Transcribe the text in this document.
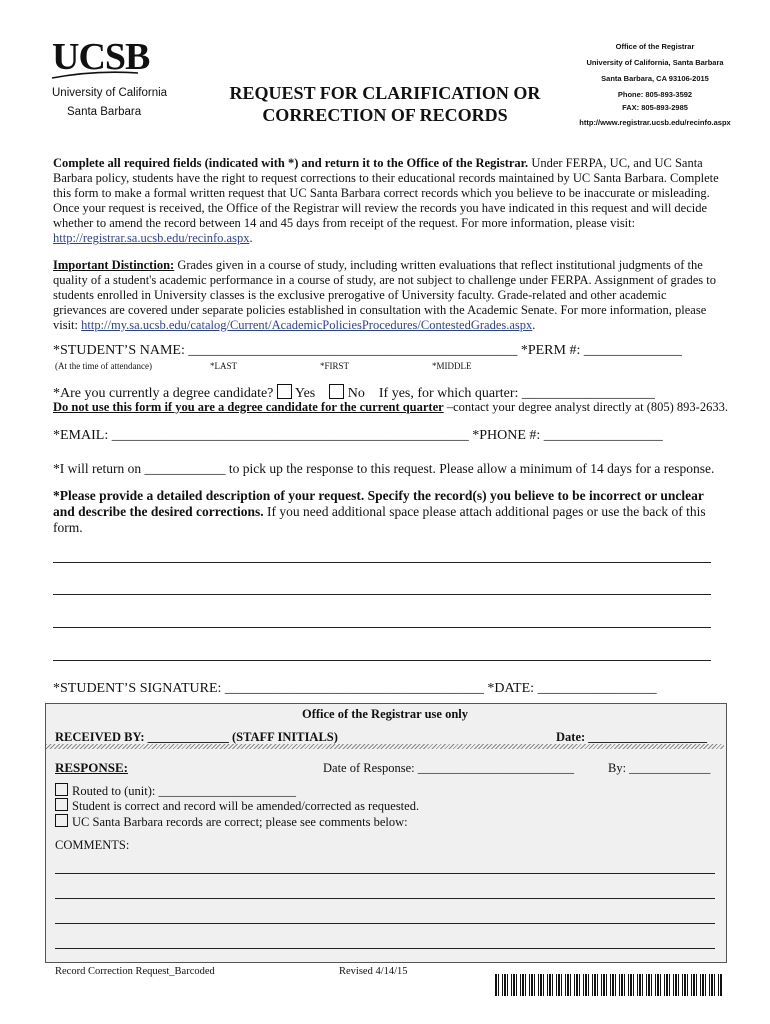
UCSB
University of California
Santa Barbara
REQUEST FOR CLARIFICATION OR
CORRECTION OF RECORDS
Office of the Registrar
University of California, Santa Barbara
Santa Barbara, CA 93106-2015
Phone: 805-893-3592
FAX: 805-893-2985
http://www.registrar.ucsb.edu/recinfo.aspx
Complete all required fields (indicated with *) and return it to the Office of the Registrar. Under FERPA, UC, and UC Santa Barbara policy, students have the right to request corrections to their educational records maintained by UC Santa Barbara. Complete this form to make a formal written request that UC Santa Barbara correct records which you believe to be inaccurate or misleading. Once your request is received, the Office of the Registrar will review the records you have indicated in this request and will decide whether to amend the record between 14 and 45 days from receipt of the request. For more information, please visit: http://registrar.sa.ucsb.edu/recinfo.aspx.
Important Distinction: Grades given in a course of study, including written evaluations that reflect institutional judgments of the quality of a student's academic performance in a course of study, are not subject to challenge under FERPA. Assignment of grades to students enrolled in University classes is the exclusive prerogative of University faculty. Grade-related and other academic grievances are covered under separate policies established in consultation with the Academic Senate. For more information, please visit: http://my.sa.ucsb.edu/catalog/Current/AcademicPoliciesProcedures/ContestedGrades.aspx.
*STUDENT’S NAME: _______________________________________________ *PERM #: ______________
(At the time of attendance)	*LAST	*FIRST	*MIDDLE
*Are you currently a degree candidate? Yes No If yes, for which quarter: ___________________
Do not use this form if you are a degree candidate for the current quarter –contact your degree analyst directly at (805) 893-2633.
*EMAIL: ___________________________________________________ *PHONE #: _________________
*I will return on ____________ to pick up the response to this request. Please allow a minimum of 14 days for a response.
*Please provide a detailed description of your request. Specify the record(s) you believe to be incorrect or unclear and describe the desired corrections. If you need additional space please attach additional pages or use the back of this form.
*STUDENT’S SIGNATURE: _____________________________________ *DATE: _________________
Office of the Registrar use only
RECEIVED BY: _____________ (STAFF INITIALS)	Date: ___________________
RESPONSE:	Date of Response: _________________________	By: _____________
Routed to (unit): ______________________
Student is correct and record will be amended/corrected as requested.
UC Santa Barbara records are correct; please see comments below:
COMMENTS:
Record Correction Request_Barcoded	Revised 4/14/15
